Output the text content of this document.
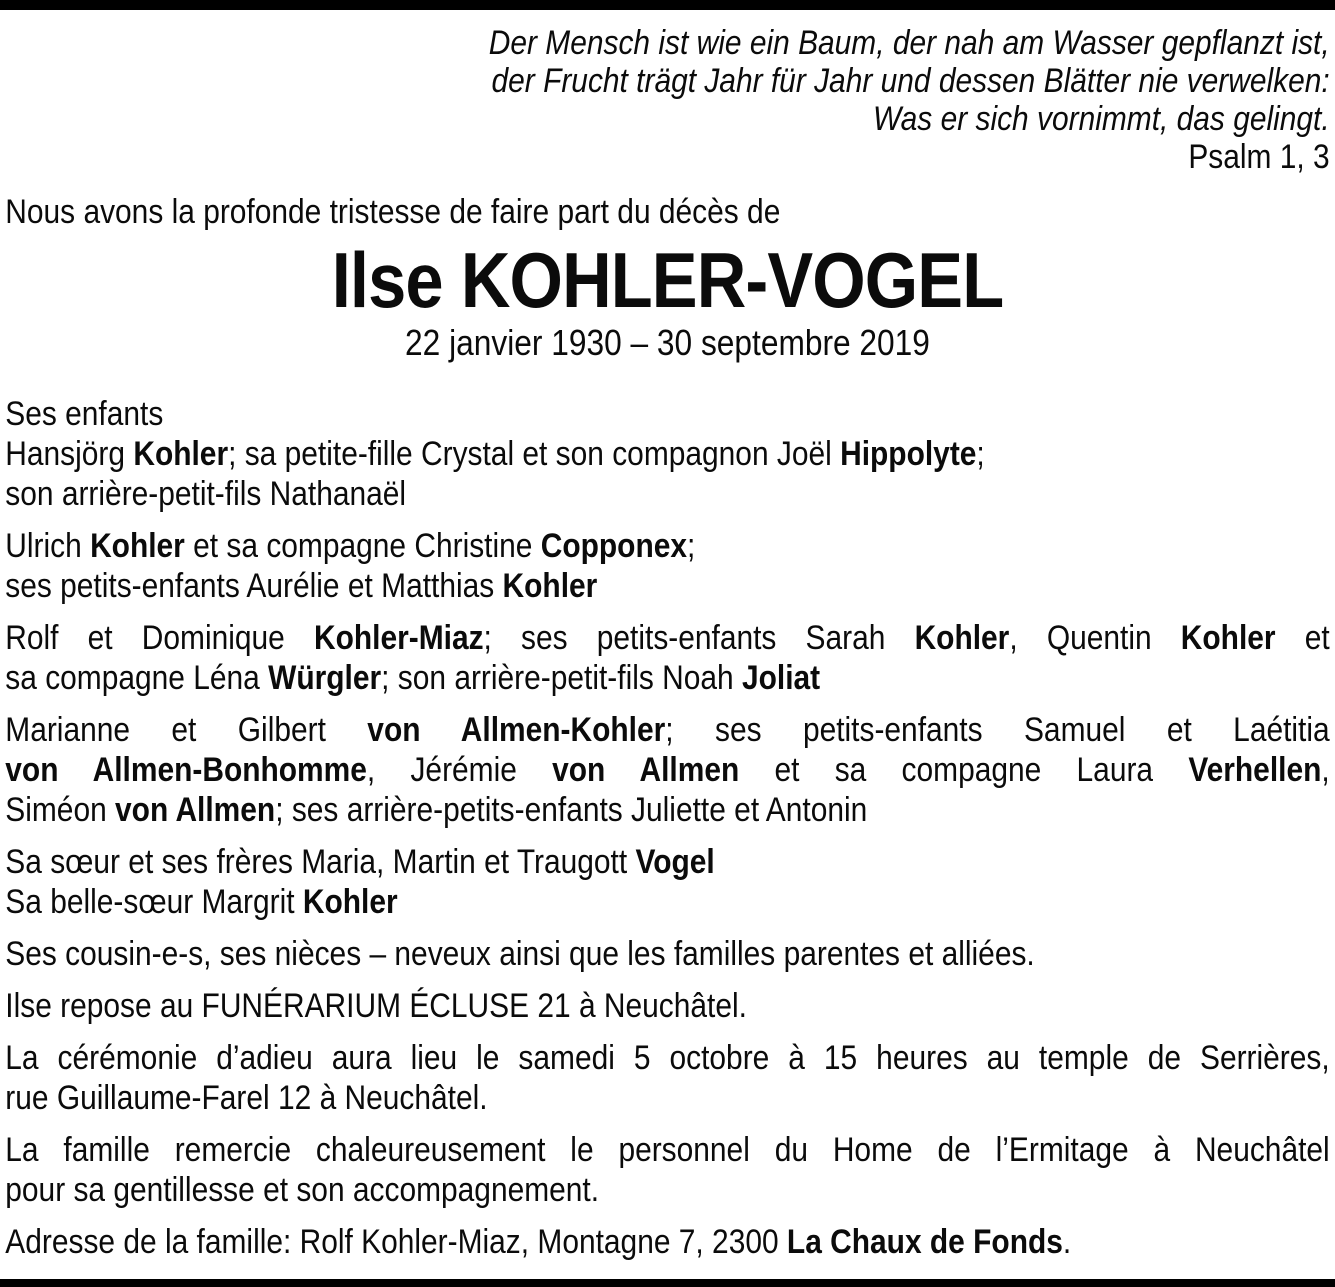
Der Mensch ist wie ein Baum, der nah am Wasser gepflanzt ist,
der Frucht trägt Jahr für Jahr und dessen Blätter nie verwelken:
Was er sich vornimmt, das gelingt.
Psalm 1, 3

Nous avons la profonde tristesse de faire part du décès de

Ilse KOHLER-VOGEL
22 janvier 1930 – 30 septembre 2019

Ses enfants
Hansjörg Kohler; sa petite-fille Crystal et son compagnon Joël Hippolyte;
son arrière-petit-fils Nathanaël

Ulrich Kohler et sa compagne Christine Copponex;
ses petits-enfants Aurélie et Matthias Kohler

Rolf et Dominique Kohler-Miaz; ses petits-enfants Sarah Kohler, Quentin Kohler et
sa compagne Léna Würgler; son arrière-petit-fils Noah Joliat

Marianne et Gilbert von Allmen-Kohler; ses petits-enfants Samuel et Laétitia
von Allmen-Bonhomme, Jérémie von Allmen et sa compagne Laura Verhellen,
Siméon von Allmen; ses arrière-petits-enfants Juliette et Antonin

Sa sœur et ses frères Maria, Martin et Traugott Vogel
Sa belle-sœur Margrit Kohler

Ses cousin-e-s, ses nièces – neveux ainsi que les familles parentes et alliées.

Ilse repose au FUNÉRARIUM ÉCLUSE 21 à Neuchâtel.

La cérémonie d’adieu aura lieu le samedi 5 octobre à 15 heures au temple de Serrières,
rue Guillaume-Farel 12 à Neuchâtel.

La famille remercie chaleureusement le personnel du Home de l’Ermitage à Neuchâtel
pour sa gentillesse et son accompagnement.

Adresse de la famille: Rolf Kohler-Miaz, Montagne 7, 2300 La Chaux de Fonds.
